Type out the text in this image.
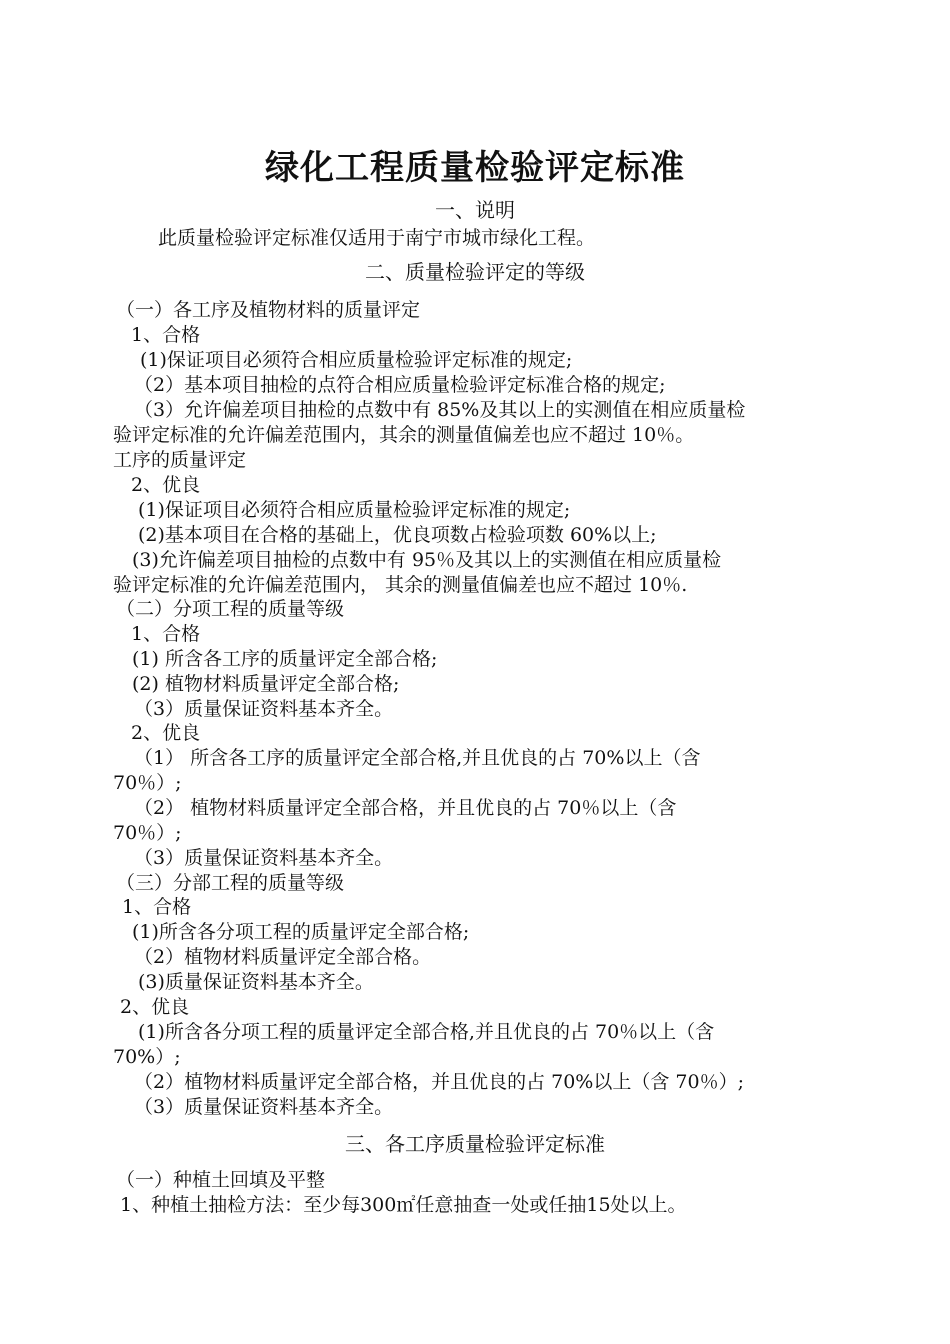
绿化工程质量检验评定标准
一、说明
此质量检验评定标准仅适用于南宁市城市绿化工程。
二、质量检验评定的等级
（一）各工序及植物材料的质量评定
1、合格
(1)保证项目必须符合相应质量检验评定标准的规定;
（2）基本项目抽检的点符合相应质量检验评定标准合格的规定;
（3）允许偏差项目抽检的点数中有 85%及其以上的实测值在相应质量检
验评定标准的允许偏差范围内，其余的测量值偏差也应不超过 10％。
工序的质量评定
2、优良
(1)保证项目必须符合相应质量检验评定标准的规定;
(2)基本项目在合格的基础上，优良项数占检验项数 60%以上;
(3)允许偏差项目抽检的点数中有 95％及其以上的实测值在相应质量检
验评定标准的允许偏差范围内， 其余的测量值偏差也应不超过 10％.
（二）分项工程的质量等级
1、合格
(1) 所含各工序的质量评定全部合格;
(2) 植物材料质量评定全部合格;
（3）质量保证资料基本齐全。
2、优良
（1） 所含各工序的质量评定全部合格,并且优良的占 70%以上（含
70％）;
（2） 植物材料质量评定全部合格，并且优良的占 70％以上（含
70％）;
（3）质量保证资料基本齐全。
（三）分部工程的质量等级
1、合格
(1)所含各分项工程的质量评定全部合格;
（2）植物材料质量评定全部合格。
(3)质量保证资料基本齐全。
2、优良
(1)所含各分项工程的质量评定全部合格,并且优良的占 70％以上（含
70%）;
（2）植物材料质量评定全部合格，并且优良的占 70%以上（含 70％）;
（3）质量保证资料基本齐全。
三、各工序质量检验评定标准
（一）种植土回填及平整
1、种植土抽检方法：至少每300㎡任意抽查一处或任抽15处以上。
